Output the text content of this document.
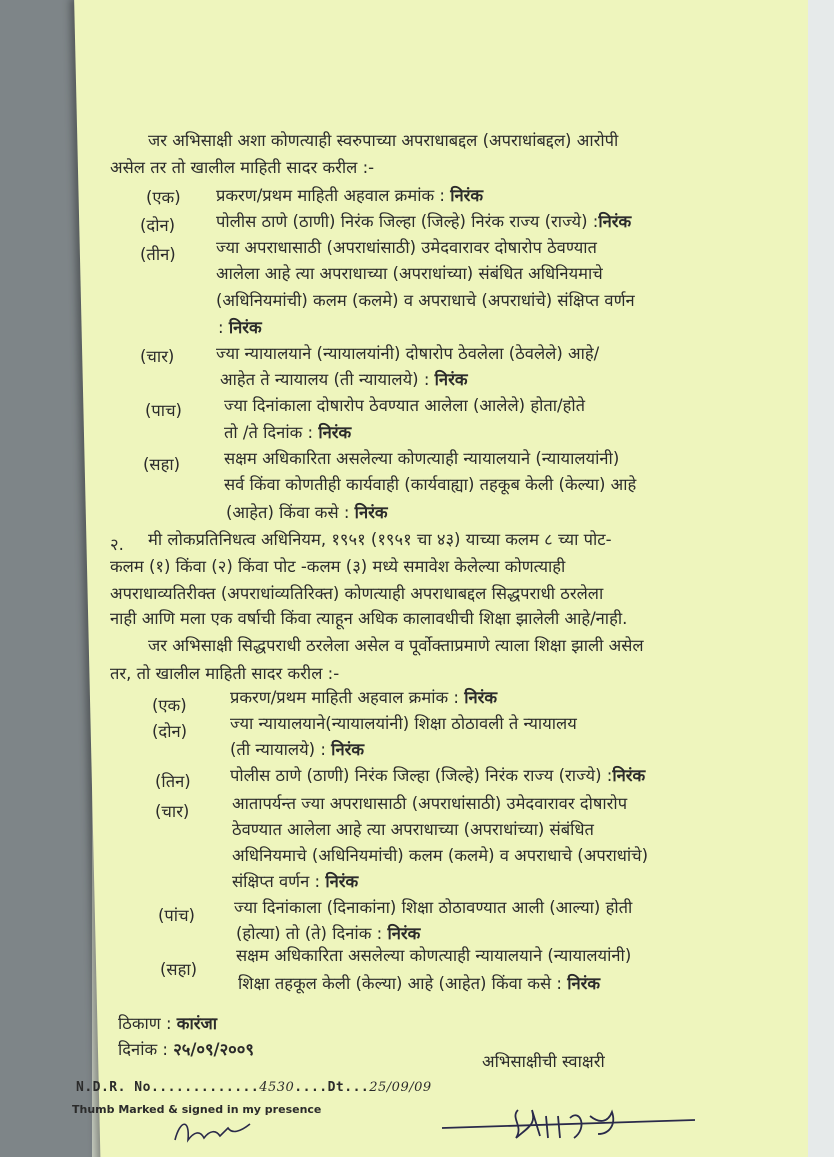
जर अभिसाक्षी अशा कोणत्याही स्वरुपाच्या अपराधाबद्दल (अपराधांबद्दल) आरोपी
असेल तर तो खालील माहिती सादर करील :-
(एक) प्रकरण/प्रथम माहिती अहवाल क्रमांक : निरंक
(दोन) पोलीस ठाणे (ठाणी) निरंक जिल्हा (जिल्हे) निरंक राज्य (राज्ये) :निरंक
(तीन) ज्या अपराधासाठी (अपराधांसाठी) उमेदवारावर दोषारोप ठेवण्यात
आलेला आहे त्या अपराधाच्या (अपराधांच्या) संबंधित अधिनियमाचे
(अधिनियमांची) कलम (कलमे) व अपराधाचे (अपराधांचे) संक्षिप्त वर्णन
: निरंक
(चार)	ज्या न्यायालयाने (न्यायालयांनी) दोषारोप ठेवलेला (ठेवलेले) आहे/
आहेत ते न्यायालय (ती न्यायालये) : निरंक
(पाच)	ज्या दिनांकाला दोषारोप ठेवण्यात आलेला (आलेले) होता/होते
तो /ते दिनांक : निरंक
(सहा)	सक्षम अधिकारिता असलेल्या कोणत्याही न्यायालयाने (न्यायालयांनी)
सर्व किंवा कोणतीही कार्यवाही (कार्यवाह्या) तहकूब केली (केल्या) आहे
(आहेत) किंवा कसे : निरंक
२. मी लोकप्रतिनिधत्व अधिनियम, १९५१ (१९५१ चा ४३) याच्या कलम ८ च्या पोट-
कलम (१) किंवा (२) किंवा पोट -कलम (३) मध्ये समावेश केलेल्या कोणत्याही
अपराधाव्यतिरीक्त (अपराधांव्यतिरिक्त) कोणत्याही अपराधाबद्दल सिद्धपराधी ठरलेला
नाही आणि मला एक वर्षाची किंवा त्याहून अधिक कालावधीची शिक्षा झालेली आहे/नाही.
जर अभिसाक्षी सिद्धपराधी ठरलेला असेल व पूर्वोक्ताप्रमाणे त्याला शिक्षा झाली असेल
तर, तो खालील माहिती सादर करील :-
(एक)	प्रकरण/प्रथम माहिती अहवाल क्रमांक : निरंक
(दोन)	ज्या न्यायालयाने(न्यायालयांनी) शिक्षा ठोठावली ते न्यायालय
(ती न्यायालये) : निरंक
(तिन) पोलीस ठाणे (ठाणी) निरंक जिल्हा (जिल्हे) निरंक राज्य (राज्ये) :निरंक
(चार)	आतापर्यन्त ज्या अपराधासाठी (अपराधांसाठी) उमेदवारावर दोषारोप
ठेवण्यात आलेला आहे त्या अपराधाच्या (अपराधांच्या) संबंधित
अधिनियमाचे (अधिनियमांची) कलम (कलमे) व अपराधाचे (अपराधांचे)
संक्षिप्त वर्णन : निरंक
(पांच) ज्या दिनांकाला (दिनाकांना) शिक्षा ठोठावण्यात आली (आल्या) होती
(होत्या) तो (ते) दिनांक : निरंक
(सहा)
सक्षम अधिकारिता असलेल्या कोणत्याही न्यायालयाने (न्यायालयांनी)
शिक्षा तहकूल केली (केल्या) आहे (आहेत) किंवा कसे : निरंक
ठिकाण : कारंजा
दिनांक : २५/०९/२००९
अभिसाक्षीची स्वाक्षरी
N.D.R. No.............4530....Dt...25/09/09
Thumb Marked & signed in my presence
